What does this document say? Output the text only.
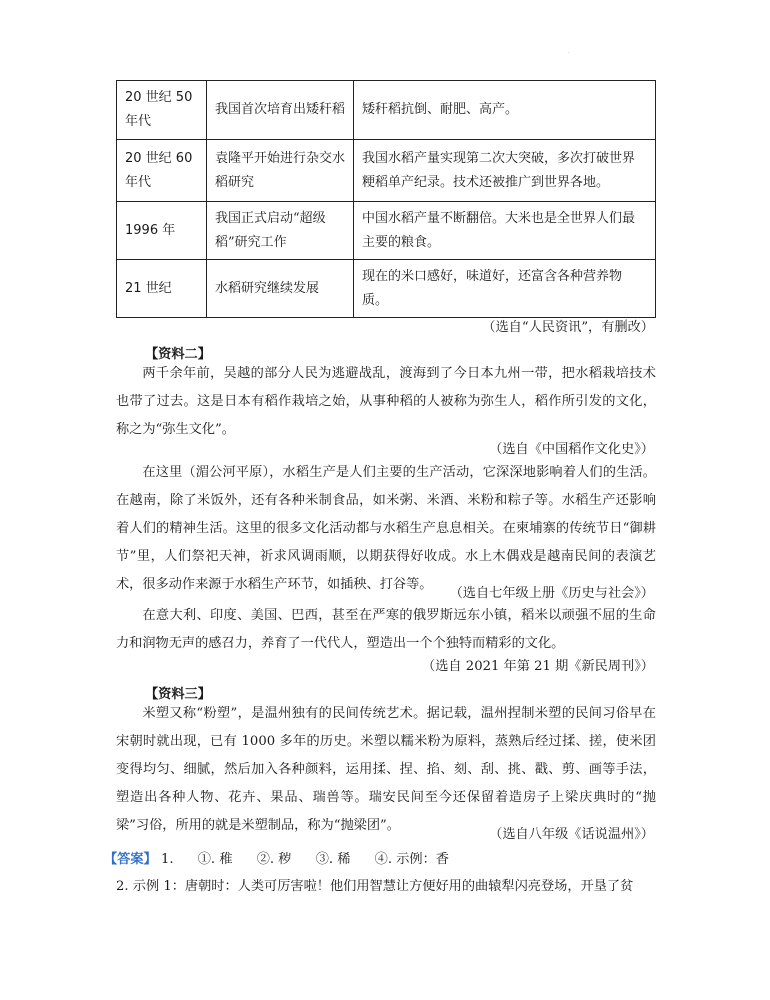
.
20 世纪 50 年代	我国首次培育出矮秆稻	矮秆稻抗倒、耐肥、高产。
20 世纪 60 年代	袁隆平开始进行杂交水稻研究	我国水稻产量实现第二次大突破，多次打破世界粳稻单产纪录。技术还被推广到世界各地。
1996 年	我国正式启动“超级稻”研究工作	中国水稻产量不断翻倍。大米也是全世界人们最主要的粮食。
21 世纪	水稻研究继续发展	现在的米口感好，味道好，还富含各种营养物质。
（选自“人民资讯”，有删改）
【资料二】
两千余年前，吴越的部分人民为逃避战乱，渡海到了今日本九州一带，把水稻栽培技术也带了过去。这是日本有稻作栽培之始，从事种稻的人被称为弥生人，稻作所引发的文化，称之为“弥生文化”。
（选自《中国稻作文化史》）
在这里（湄公河平原），水稻生产是人们主要的生产活动，它深深地影响着人们的生活。在越南，除了米饭外，还有各种米制食品，如米粥、米酒、米粉和粽子等。水稻生产还影响着人们的精神生活。这里的很多文化活动都与水稻生产息息相关。在柬埔寨的传统节日“御耕节”里，人们祭祀天神，祈求风调雨顺，以期获得好收成。水上木偶戏是越南民间的表演艺术，很多动作来源于水稻生产环节，如插秧、打谷等。
（选自七年级上册《历史与社会》）
在意大利、印度、美国、巴西，甚至在严寒的俄罗斯远东小镇，稻米以顽强不屈的生命力和润物无声的感召力，养育了一代代人，塑造出一个个独特而精彩的文化。
（选自 2021 年第 21 期《新民周刊》）
【资料三】
米塑又称“粉塑”，是温州独有的民间传统艺术。据记载，温州捏制米塑的民间习俗早在宋朝时就出现，已有 1000 多年的历史。米塑以糯米粉为原料，蒸熟后经过揉、搓，使米团变得均匀、细腻，然后加入各种颜料，运用揉、捏、掐、刻、刮、挑、戳、剪、画等手法，塑造出各种人物、花卉、果品、瑞兽等。瑞安民间至今还保留着造房子上梁庆典时的“抛梁”习俗，所用的就是米塑制品，称为“抛梁团”。
（选自八年级《话说温州》）
【答案】 1. ①. 稚 ②. 秽 ③. 稀 ④. 示例：香
2. 示例 1：唐朝时：人类可厉害啦！他们用智慧让方便好用的曲辕犁闪亮登场，开垦了贫
